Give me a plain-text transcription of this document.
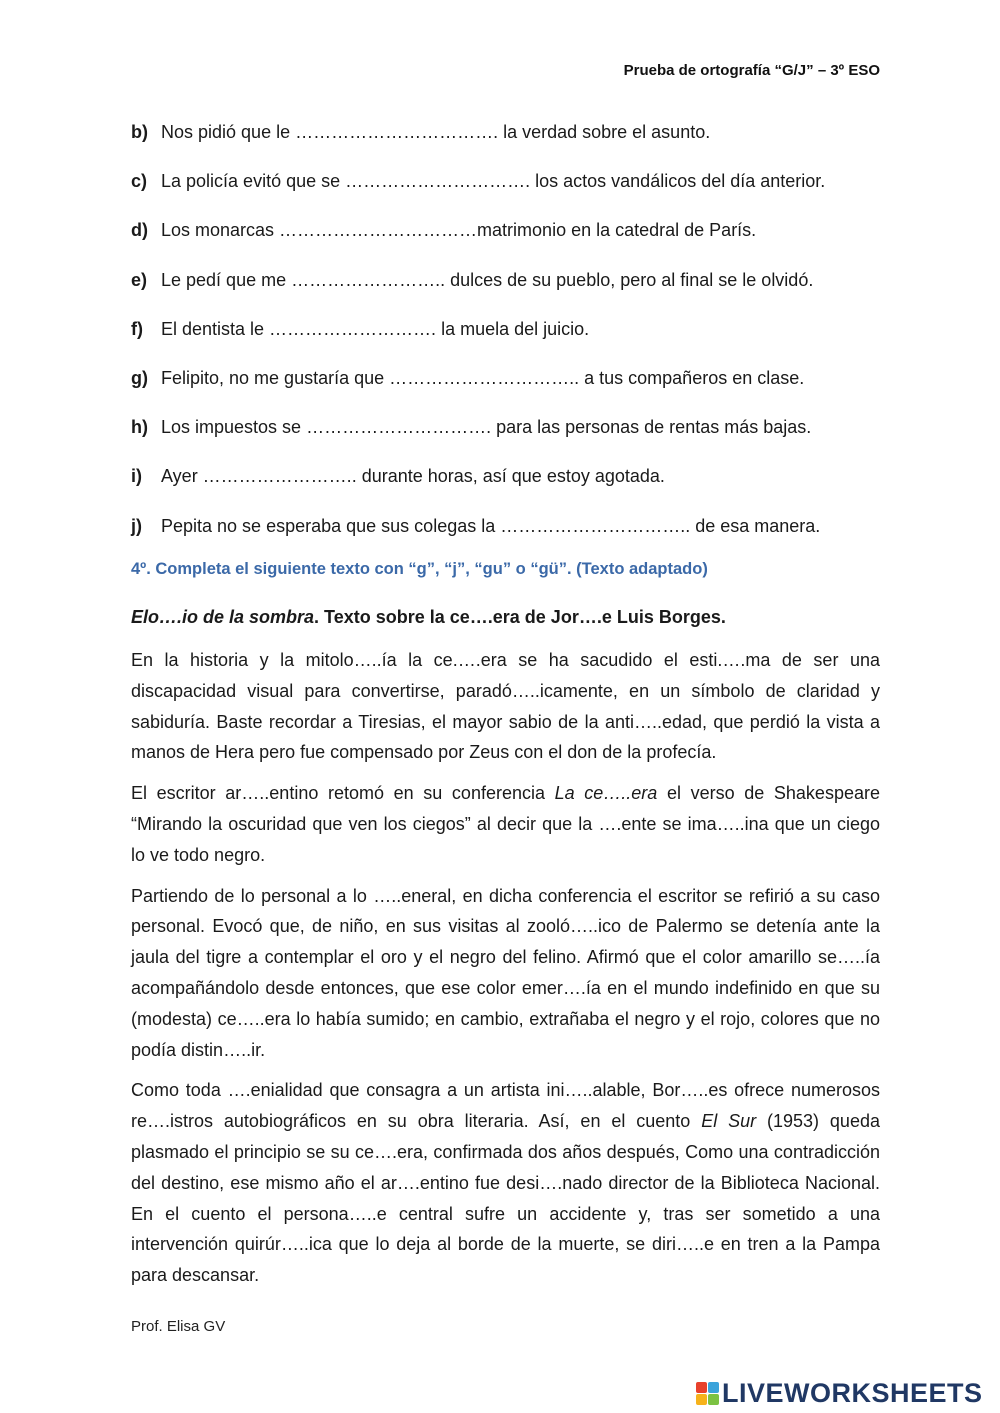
Prueba de ortografía “G/J” – 3º ESO
b) Nos pidió que le ……………………………. la verdad sobre el asunto.
c) La policía evitó que se …………………………. los actos vandálicos del día anterior.
d) Los monarcas ……………………………matrimonio en la catedral de París.
e) Le pedí que me …………………….. dulces de su pueblo, pero al final se le olvidó.
f)	El dentista le ………………………. la muela del juicio.
g) Felipito, no me gustaría que ………………………….. a tus compañeros en clase.
h) Los impuestos se …………………………. para las personas de rentas más bajas.
i)	Ayer …………………….. durante horas, así que estoy agotada.
j)	Pepita no se esperaba que sus colegas la ………………………….. de esa manera.
4º. Completa el siguiente texto con “g”, “j”, “gu” o “gü”. (Texto adaptado)
Elo….io de la sombra. Texto sobre la ce….era de Jor….e Luis Borges.

En la historia y la mitolo…..ía la ce.….era se ha sacudido el esti.….ma de ser una discapacidad visual para convertirse, paradó…..icamente, en un símbolo de claridad y sabiduría. Baste recordar a Tiresias, el mayor sabio de la anti…..edad, que perdió la vista a manos de Hera pero fue compensado por Zeus con el don de la profecía.

El escritor ar…..entino retomó en su conferencia La ce…..era el verso de Shakespeare “Mirando la oscuridad que ven los ciegos” al decir que la ….ente se ima…..ina que un ciego lo ve todo negro.

Partiendo de lo personal a lo …..eneral, en dicha conferencia el escritor se refirió a su caso personal. Evocó que, de niño, en sus visitas al zooló…..ico de Palermo se detenía ante la jaula del tigre a contemplar el oro y el negro del felino. Afirmó que el color amarillo se…..ía acompañándolo desde entonces, que ese color emer….ía en el mundo indefinido en que su (modesta) ce…..era lo había sumido; en cambio, extrañaba el negro y el rojo, colores que no podía distin…..ir.

Como toda ….enialidad que consagra a un artista ini…..alable, Bor…..es ofrece numerosos re….istros autobiográficos en su obra literaria. Así, en el cuento El Sur (1953) queda plasmado el principio se su ce….era, confirmada dos años después, Como una contradicción del destino, ese mismo año el ar….entino fue desi….nado director de la Biblioteca Nacional. En el cuento el persona…..e central sufre un accidente y, tras ser sometido a una intervención quirúr…..ica que lo deja al borde de la muerte, se diri…..e en tren a la Pampa para descansar.

Prof. Elisa GV
LIVEWORKSHEETS
